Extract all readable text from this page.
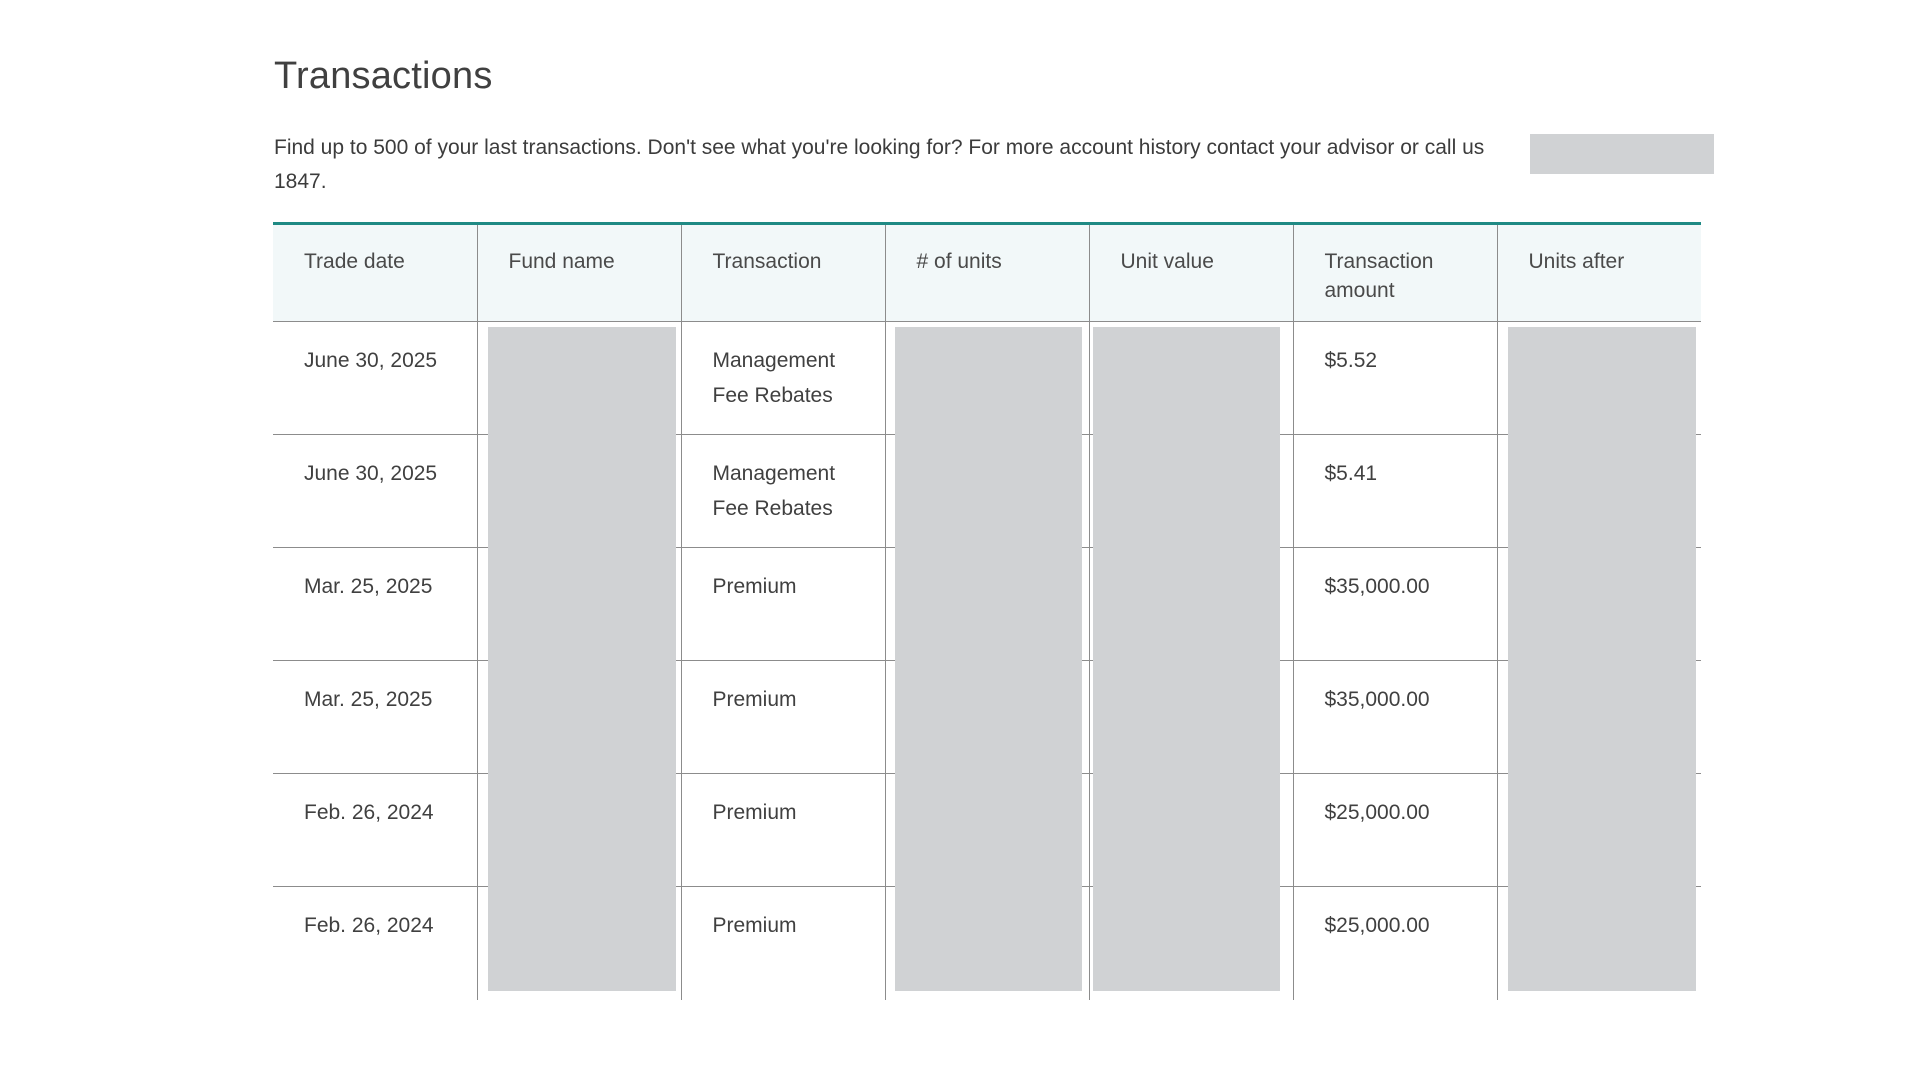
Transactions
Find up to 500 of your last transactions. Don't see what you're looking for? For more account history contact your advisor or call us
1847.
Trade date	Fund name	Transaction	# of units	Unit value	Transaction amount	Units after
June 30, 2025		Management Fee Rebates			$5.52	
June 30, 2025		Management Fee Rebates			$5.41	
Mar. 25, 2025		Premium			$35,000.00	
Mar. 25, 2025		Premium			$35,000.00	
Feb. 26, 2024		Premium			$25,000.00	
Feb. 26, 2024		Premium			$25,000.00	
